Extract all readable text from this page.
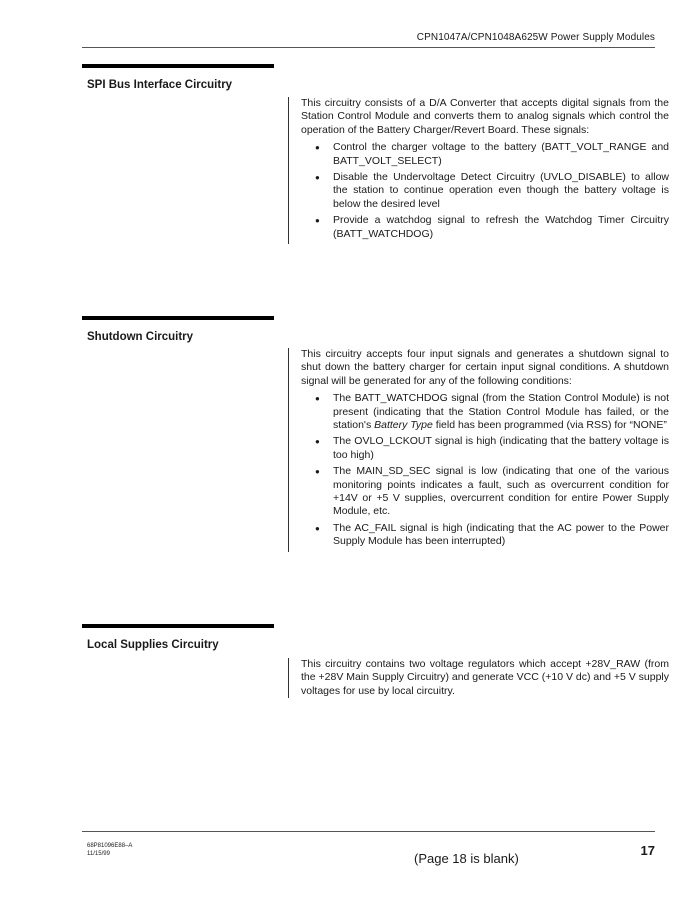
CPN1047A/CPN1048A625W Power Supply Modules
SPI Bus Interface Circuitry

This circuitry consists of a D/A Converter that accepts digital signals from the Station Control Module and converts them to analog signals which control the operation of the Battery Charger/Revert Board. These signals:

● Control the charger voltage to the battery (BATT_VOLT_RANGE and BATT_VOLT_SELECT)
● Disable the Undervoltage Detect Circuitry (UVLO_DISABLE) to allow the station to continue operation even though the battery voltage is below the desired level
● Provide a watchdog signal to refresh the Watchdog Timer Circuitry (BATT_WATCHDOG)
Shutdown Circuitry

This circuitry accepts four input signals and generates a shutdown signal to shut down the battery charger for certain input signal conditions. A shutdown signal will be generated for any of the following conditions:

● The BATT_WATCHDOG signal (from the Station Control Module) is not present (indicating that the Station Control Module has failed, or the station's Battery Type field has been programmed (via RSS) for “NONE”
● The OVLO_LCKOUT signal is high (indicating that the battery voltage is too high)
● The MAIN_SD_SEC signal is low (indicating that one of the various monitoring points indicates a fault, such as overcurrent condition for +14V or +5 V supplies, overcurrent condition for entire Power Supply Module, etc.
● The AC_FAIL signal is high (indicating that the AC power to the Power Supply Module has been interrupted)
Local Supplies Circuitry

This circuitry contains two voltage regulators which accept +28V_RAW (from the +28V Main Supply Circuitry) and generate VCC (+10 V dc) and +5 V supply voltages for use by local circuitry.

68P81096E88–A
11/15/99	(Page 18 is blank)
17
